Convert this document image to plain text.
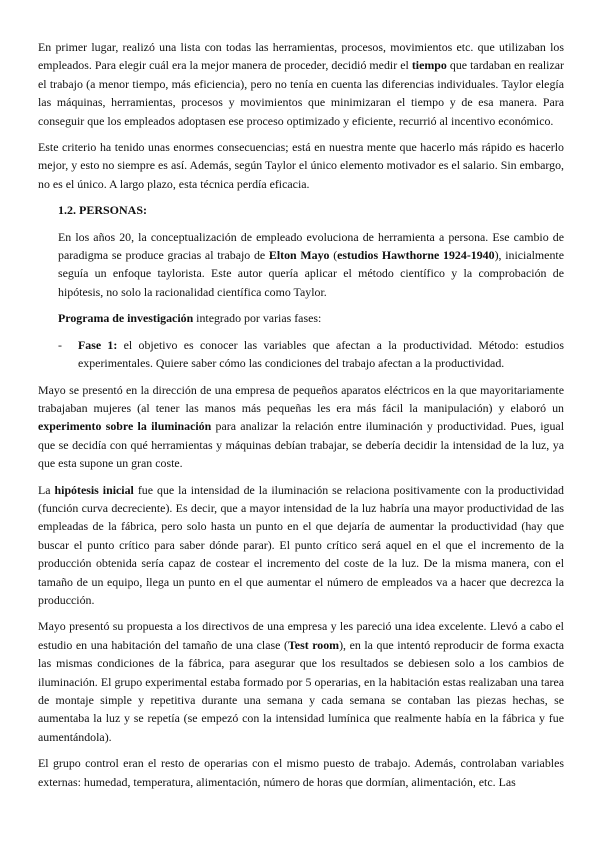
En primer lugar, realizó una lista con todas las herramientas, procesos, movimientos etc. que utilizaban los empleados. Para elegir cuál era la mejor manera de proceder, decidió medir el tiempo que tardaban en realizar el trabajo (a menor tiempo, más eficiencia), pero no tenía en cuenta las diferencias individuales. Taylor elegía las máquinas, herramientas, procesos y movimientos que minimizaran el tiempo y de esa manera. Para conseguir que los empleados adoptasen ese proceso optimizado y eficiente, recurrió al incentivo económico.

Este criterio ha tenido unas enormes consecuencias; está en nuestra mente que hacerlo más rápido es hacerlo mejor, y esto no siempre es así. Además, según Taylor el único elemento motivador es el salario. Sin embargo, no es el único. A largo plazo, esta técnica perdía eficacia.

1.2. PERSONAS:

En los años 20, la conceptualización de empleado evoluciona de herramienta a persona. Ese cambio de paradigma se produce gracias al trabajo de Elton Mayo (estudios Hawthorne 1924-1940), inicialmente seguía un enfoque taylorista. Este autor quería aplicar el método científico y la comprobación de hipótesis, no solo la racionalidad científica como Taylor.

Programa de investigación integrado por varias fases:

- Fase 1: el objetivo es conocer las variables que afectan a la productividad. Método: estudios experimentales. Quiere saber cómo las condiciones del trabajo afectan a la productividad.

Mayo se presentó en la dirección de una empresa de pequeños aparatos eléctricos en la que mayoritariamente trabajaban mujeres (al tener las manos más pequeñas les era más fácil la manipulación) y elaboró un experimento sobre la iluminación para analizar la relación entre iluminación y productividad. Pues, igual que se decidía con qué herramientas y máquinas debían trabajar, se debería decidir la intensidad de la luz, ya que esta supone un gran coste.

La hipótesis inicial fue que la intensidad de la iluminación se relaciona positivamente con la productividad (función curva decreciente). Es decir, que a mayor intensidad de la luz habría una mayor productividad de las empleadas de la fábrica, pero solo hasta un punto en el que dejaría de aumentar la productividad (hay que buscar el punto crítico para saber dónde parar). El punto crítico será aquel en el que el incremento de la producción obtenida sería capaz de costear el incremento del coste de la luz. De la misma manera, con el tamaño de un equipo, llega un punto en el que aumentar el número de empleados va a hacer que decrezca la producción.

Mayo presentó su propuesta a los directivos de una empresa y les pareció una idea excelente. Llevó a cabo el estudio en una habitación del tamaño de una clase (Test room), en la que intentó reproducir de forma exacta las mismas condiciones de la fábrica, para asegurar que los resultados se debiesen solo a los cambios de iluminación. El grupo experimental estaba formado por 5 operarias, en la habitación estas realizaban una tarea de montaje simple y repetitiva durante una semana y cada semana se contaban las piezas hechas, se aumentaba la luz y se repetía (se empezó con la intensidad lumínica que realmente había en la fábrica y fue aumentándola).

El grupo control eran el resto de operarias con el mismo puesto de trabajo. Además, controlaban variables externas: humedad, temperatura, alimentación, número de horas que dormían, alimentación, etc. Las
